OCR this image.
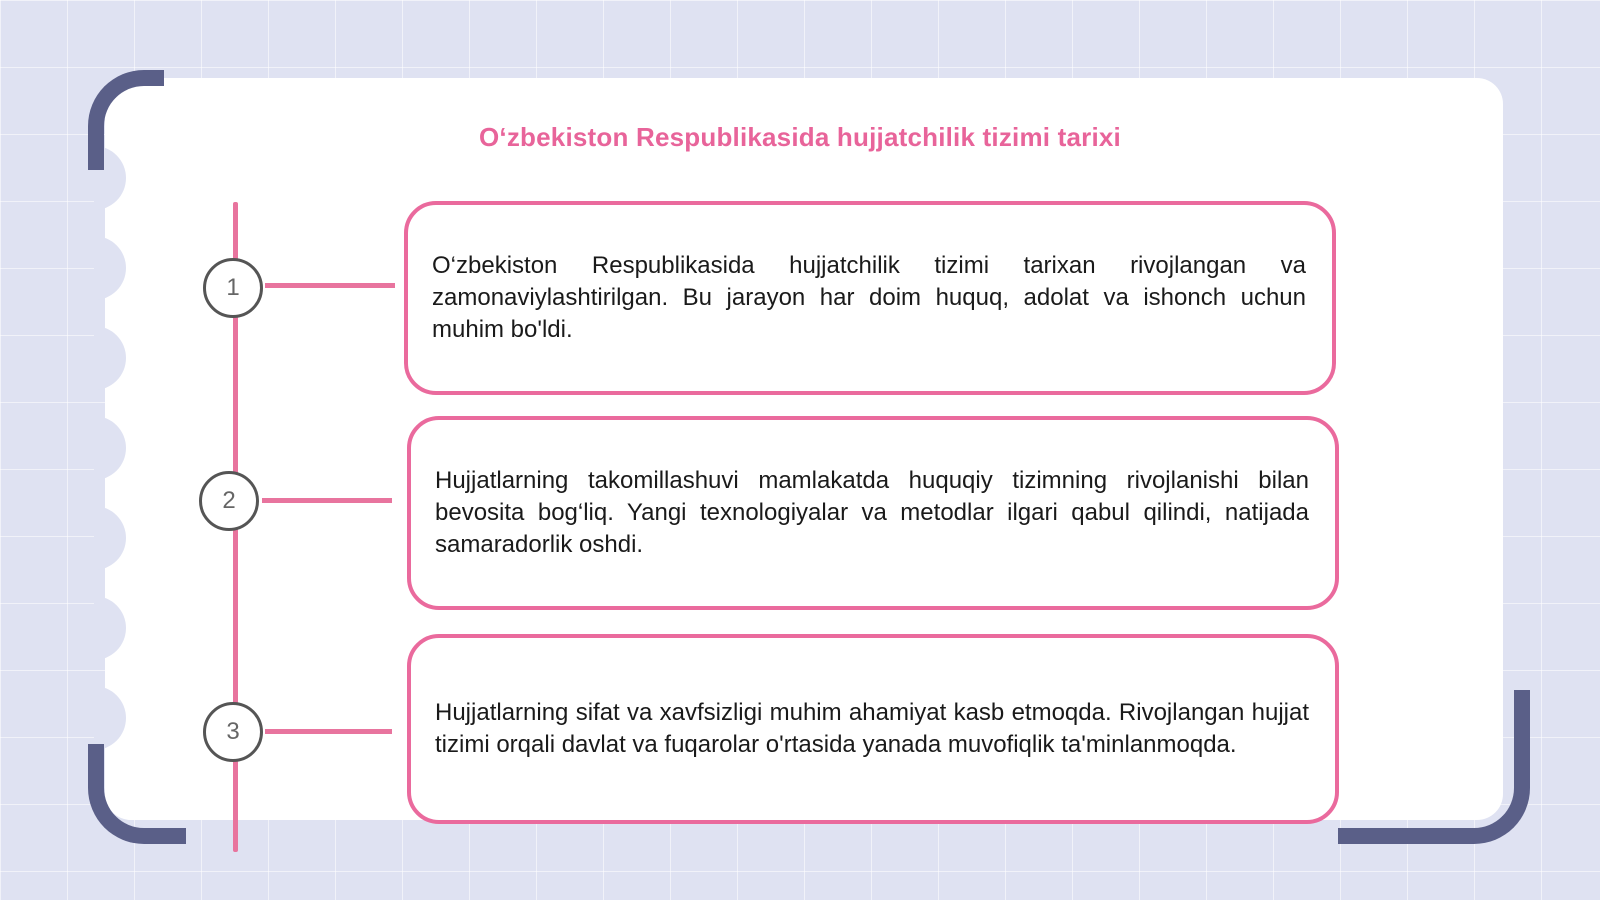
O‘zbekiston Respublikasida hujjatchilik tizimi tarixi
1
O‘zbekiston Respublikasida hujjatchilik tizimi tarixan rivojlangan va zamonaviylashtirilgan. Bu jarayon har doim huquq, adolat va ishonch uchun muhim bo'ldi.
2
Hujjatlarning takomillashuvi mamlakatda huquqiy tizimning rivojlanishi bilan bevosita bog‘liq. Yangi texnologiyalar va metodlar ilgari qabul qilindi, natijada samaradorlik oshdi.
3
Hujjatlarning sifat va xavfsizligi muhim ahamiyat kasb etmoqda. Rivojlangan hujjat tizimi orqali davlat va fuqarolar o'rtasida yanada muvofiqlik ta'minlanmoqda.
